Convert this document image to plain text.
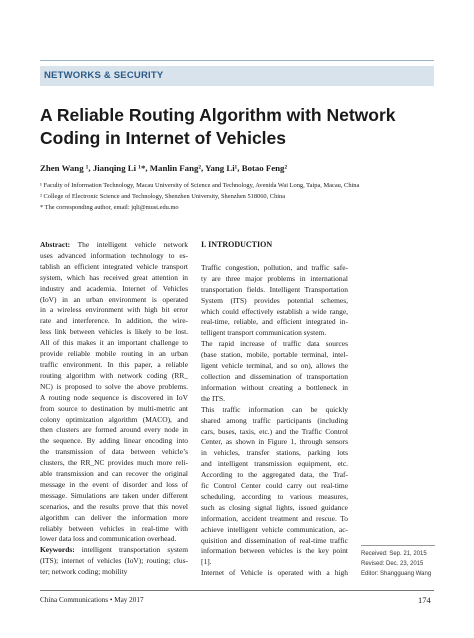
NETWORKS & SECURITY
A Reliable Routing Algorithm with Network Coding in Internet of Vehicles
Zhen Wang ¹, Jianqing Li ¹*, Manlin Fang², Yang Li¹, Botao Feng²
¹ Faculty of Information Technology, Macau University of Science and Technology, Avenida Wai Long, Taipa, Macau, China
² College of Electronic Science and Technology, Shenzhen University, Shenzhen 518060, China
* The corresponding author, email: jqli@must.edu.mo
Abstract: The intelligent vehicle network
uses advanced information technology to es-
tablish an efficient integrated vehicle transport
system, which has received great attention in
industry and academia. Internet of Vehicles
(IoV) in an urban environment is operated
in a wireless environment with high bit error
rate and interference. In addition, the wire-
less link between vehicles is likely to be lost.
All of this makes it an important challenge to
provide reliable mobile routing in an urban
traffic environment. In this paper, a reliable
routing algorithm with network coding (RR_
NC) is proposed to solve the above problems.
A routing node sequence is discovered in IoV
from source to destination by multi-metric ant
colony optimization algorithm (MACO), and
then clusters are formed around every node in
the sequence. By adding linear encoding into
the transmission of data between vehicle’s
clusters, the RR_NC provides much more reli-
able transmission and can recover the original
message in the event of disorder and loss of
message. Simulations are taken under different
scenarios, and the results prove that this novel
algorithm can deliver the information more
reliably between vehicles in real-time with
lower data loss and communication overhead.
Keywords: intelligent transportation system
(ITS); internet of vehicles (IoV); routing; clus-
ter; network coding; mobility
I. INTRODUCTION
Traffic congestion, pollution, and traffic safe-
ty are three major problems in international
transportation fields. Intelligent Transportation
System (ITS) provides potential schemes,
which could effectively establish a wide range,
real-time, reliable, and efficient integrated in-
telligent transport communication system.
The rapid increase of traffic data sources
(base station, mobile, portable terminal, intel-
ligent vehicle terminal, and so on), allows the
collection and dissemination of transportation
information without creating a bottleneck in
the ITS.
This traffic information can be quickly
shared among traffic participants (including
cars, buses, taxis, etc.) and the Traffic Control
Center, as shown in Figure 1, through sensors
in vehicles, transfer stations, parking lots
and intelligent transmission equipment, etc.
According to the aggregated data, the Traf-
fic Control Center could carry out real-time
scheduling, according to various measures,
such as closing signal lights, issued guidance
information, accident treatment and rescue. To
achieve intelligent vehicle communication, ac-
quisition and dissemination of real-time traffic
information between vehicles is the key point
[1].
Internet of Vehicle is operated with a high
Received: Sep. 21, 2015
Revised: Dec. 23, 2015
Editor: Shangguang Wang
China Communications • May 2017	174
